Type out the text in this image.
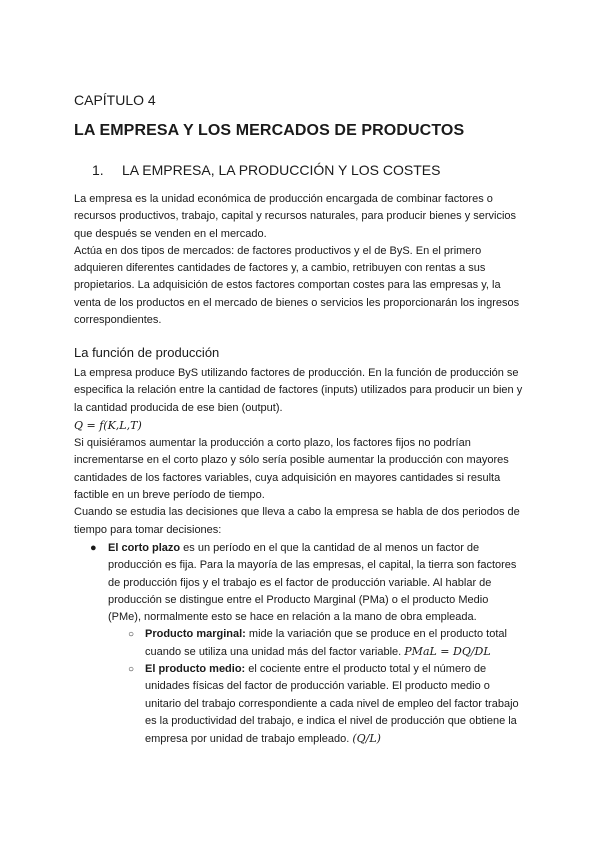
CAPÍTULO 4
LA EMPRESA Y LOS MERCADOS DE PRODUCTOS
1. LA EMPRESA, LA PRODUCCIÓN Y LOS COSTES

La empresa es la unidad económica de producción encargada de combinar factores o
recursos productivos, trabajo, capital y recursos naturales, para producir bienes y servicios
que después se venden en el mercado.
Actúa en dos tipos de mercados: de factores productivos y el de ByS. En el primero
adquieren diferentes cantidades de factores y, a cambio, retribuyen con rentas a sus
propietarios. La adquisición de estos factores comportan costes para las empresas y, la
venta de los productos en el mercado de bienes o servicios les proporcionarán los ingresos
correspondientes.

La función de producción

La empresa produce ByS utilizando factores de producción. En la función de producción se
especifica la relación entre la cantidad de factores (inputs) utilizados para producir un bien y
la cantidad producida de ese bien (output).
Q = f(K,L,T)
Si quisiéramos aumentar la producción a corto plazo, los factores fijos no podrían
incrementarse en el corto plazo y sólo sería posible aumentar la producción con mayores
cantidades de los factores variables, cuya adquisición en mayores cantidades si resulta
factible en un breve período de tiempo.
Cuando se estudia las decisiones que lleva a cabo la empresa se habla de dos periodos de
tiempo para tomar decisiones:

● El corto plazo es un período en el que la cantidad de al menos un factor de
producción es fija. Para la mayoría de las empresas, el capital, la tierra son factores
de producción fijos y el trabajo es el factor de producción variable. Al hablar de
producción se distingue entre el Producto Marginal (PMa) o el producto Medio
(PMe), normalmente esto se hace en relación a la mano de obra empleada.

○ Producto marginal: mide la variación que se produce en el producto total
cuando se utiliza una unidad más del factor variable. PMaL = DQ/DL

○ El producto medio: el cociente entre el producto total y el número de
unidades físicas del factor de producción variable. El producto medio o
unitario del trabajo correspondiente a cada nivel de empleo del factor trabajo
es la productividad del trabajo, e indica el nivel de producción que obtiene la
empresa por unidad de trabajo empleado. (Q/L)
